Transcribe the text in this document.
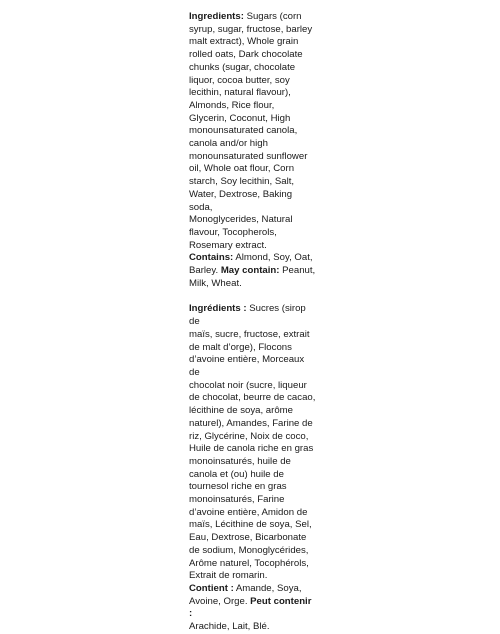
Ingredients: Sugars (corn
syrup, sugar, fructose, barley
malt extract), Whole grain
rolled oats, Dark chocolate
chunks (sugar, chocolate
liquor, cocoa butter, soy
lecithin, natural flavour),
Almonds, Rice flour,
Glycerin, Coconut, High
monounsaturated canola,
canola and/or high
monounsaturated sunflower
oil, Whole oat flour, Corn
starch, Soy lecithin, Salt,
Water, Dextrose, Baking soda,
Monoglycerides, Natural
flavour, Tocopherols,
Rosemary extract.
Contains: Almond, Soy, Oat,
Barley. May contain: Peanut,
Milk, Wheat.

Ingrédients : Sucres (sirop de
maïs, sucre, fructose, extrait
de malt d’orge), Flocons
d’avoine entière, Morceaux de
chocolat noir (sucre, liqueur
de chocolat, beurre de cacao,
lécithine de soya, arôme
naturel), Amandes, Farine de
riz, Glycérine, Noix de coco,
Huile de canola riche en gras
monoinsaturés, huile de
canola et (ou) huile de
tournesol riche en gras
monoinsaturés, Farine
d’avoine entière, Amidon de
maïs, Lécithine de soya, Sel,
Eau, Dextrose, Bicarbonate
de sodium, Monoglycérides,
Arôme naturel, Tocophérols,
Extrait de romarin.
Contient : Amande, Soya,
Avoine, Orge. Peut contenir :
Arachide, Lait, Blé.
